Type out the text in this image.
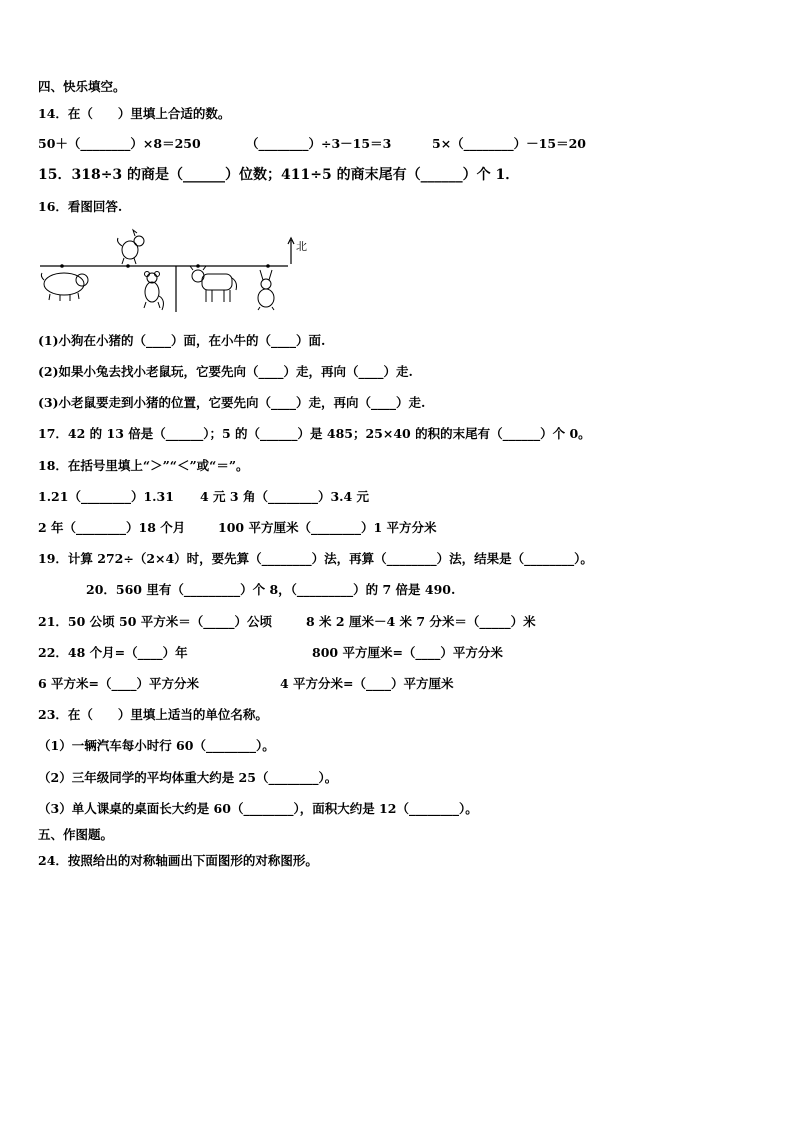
四、快乐填空。
14．在（　　）里填上合适的数。
50＋（________）×8＝250	（________）÷3－15＝3	5×（________）－15＝20
15．318÷3 的商是（______）位数；411÷5 的商末尾有（______）个 1．
16．看图回答.
北
(1)小狗在小猪的（____）面，在小牛的（____）面.
(2)如果小兔去找小老鼠玩，它要先向（____）走，再向（____）走.
(3)小老鼠要走到小猪的位置，它要先向（____）走，再向（____）走.
17．42 的 13 倍是（______）；5 的（______）是 485；25×40 的积的末尾有（______）个 0。
18．在括号里填上“＞”“＜”或“＝”。
1.21（________）1.31 4 元 3 角（________）3.4 元
2 年（________）18 个月	100 平方厘米（________）1 平方分米
19．计算 272÷（2×4）时，要先算（________）法，再算（________）法，结果是（________）。
20．560 里有（_________）个 8，（_________）的 7 倍是 490.
21．50 公顷 50 平方米＝（_____）公顷	8 米 2 厘米－4 米 7 分米＝（_____）米
22．48 个月=（____）年	800 平方厘米=（____）平方分米
6 平方米=（____）平方分米	4 平方分米=（____）平方厘米
23．在（　　）里填上适当的单位名称。
（1）一辆汽车每小时行 60（________）。
（2）三年级同学的平均体重大约是 25（________）。
（3）单人课桌的桌面长大约是 60（________），面积大约是 12（________）。
五、作图题。
24．按照给出的对称轴画出下面图形的对称图形。
